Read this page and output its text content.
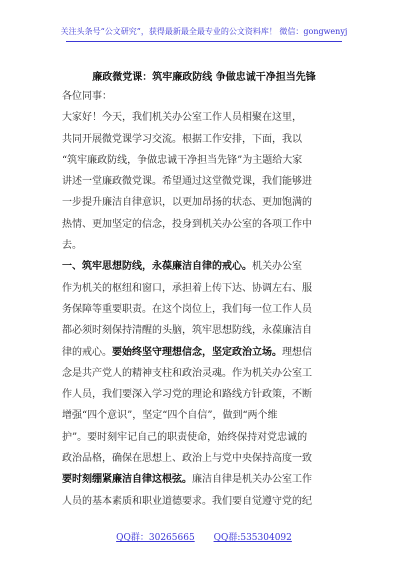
关注头条号“公文研究”，获得最新最全最专业的公文资料库！ 微信：gongwenyj
廉政微党课：筑牢廉政防线 争做忠诚干净担当先锋
各位同事：
大家好！今天，我们机关办公室工作人员相聚在这里，
共同开展微党课学习交流。根据工作安排，下面，我以
“筑牢廉政防线，争做忠诚干净担当先锋”为主题给大家
讲述一堂廉政微党课。希望通过这堂微党课，我们能够进
一步提升廉洁自律意识，以更加昂扬的状态、更加饱满的
热情、更加坚定的信念，投身到机关办公室的各项工作中
去。
一、筑牢思想防线，永葆廉洁自律的戒心。机关办公室
作为机关的枢纽和窗口，承担着上传下达、协调左右、服
务保障等重要职责。在这个岗位上，我们每一位工作人员
都必须时刻保持清醒的头脑，筑牢思想防线，永葆廉洁自
律的戒心。要始终坚守理想信念，坚定政治立场。理想信
念是共产党人的精神支柱和政治灵魂。作为机关办公室工
作人员，我们要深入学习党的理论和路线方针政策，不断
增强“四个意识”，坚定“四个自信”，做到“两个维
护”。要时刻牢记自己的职责使命，始终保持对党忠诚的
政治品格，确保在思想上、政治上与党中央保持高度一致
要时刻绷紧廉洁自律这根弦。廉洁自律是机关办公室工作
人员的基本素质和职业道德要求。我们要自觉遵守党的纪
QQ群：30265665 QQ群:535304092
